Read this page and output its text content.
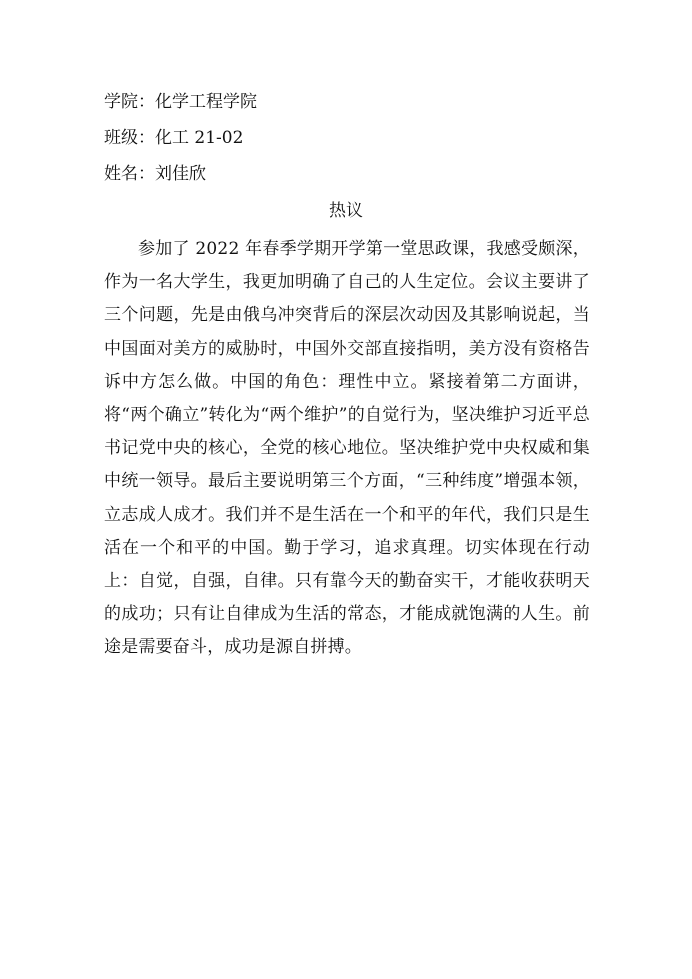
学院：化学工程学院
班级：化工 21-02
姓名：刘佳欣
热议

参加了 2022 年春季学期开学第一堂思政课，我感受颇深，作为一名大学生，我更加明确了自己的人生定位。会议主要讲了三个问题，先是由俄乌冲突背后的深层次动因及其影响说起，当中国面对美方的威胁时，中国外交部直接指明，美方没有资格告诉中方怎么做。中国的角色：理性中立。紧接着第二方面讲，将“两个确立”转化为“两个维护”的自觉行为，坚决维护习近平总书记党中央的核心，全党的核心地位。坚决维护党中央权威和集中统一领导。最后主要说明第三个方面，“三种纬度”增强本领，立志成人成才。我们并不是生活在一个和平的年代，我们只是生活在一个和平的中国。勤于学习，追求真理。切实体现在行动上：自觉，自强，自律。只有靠今天的勤奋实干，才能收获明天的成功；只有让自律成为生活的常态，才能成就饱满的人生。前途是需要奋斗，成功是源自拼搏。
